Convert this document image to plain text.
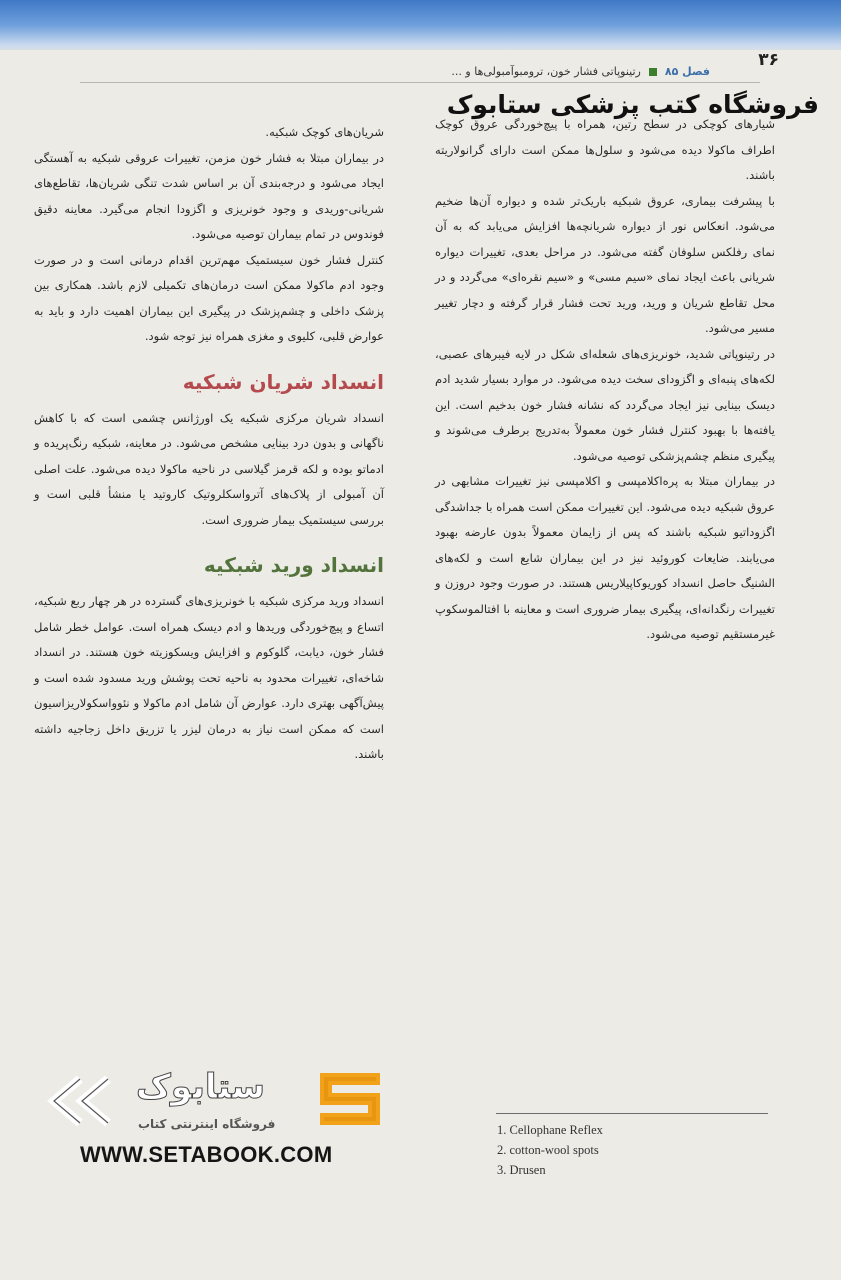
۳۶
فصل ۸۵
رتینوپاتی فشار خون، ترومبوآمبولی‌ها و ...
فروشگاه کتب پزشکی ستابوک

شیارهای کوچکی در سطح رتین، همراه با پیچ‌خوردگی عروق کوچک اطراف ماکولا دیده می‌شود و سلول‌ها ممکن است دارای گرانولاریته باشند.

با پیشرفت بیماری، عروق شبکیه باریک‌تر شده و دیواره آن‌ها ضخیم می‌شود. انعکاس نور از دیواره شریانچه‌ها افزایش می‌یابد که به آن نمای رفلکس سلوفان گفته می‌شود. در مراحل بعدی، تغییرات دیواره شریانی باعث ایجاد نمای «سیم مسی» و «سیم نقره‌ای» می‌گردد و در محل تقاطع شریان و ورید، ورید تحت فشار قرار گرفته و دچار تغییر مسیر می‌شود.

در رتینوپاتی شدید، خونریزی‌های شعله‌ای شکل در لایه فیبرهای عصبی، لکه‌های پنبه‌ای و اگزودای سخت دیده می‌شود. در موارد بسیار شدید ادم دیسک بینایی نیز ایجاد می‌گردد که نشانه فشار خون بدخیم است. این یافته‌ها با بهبود کنترل فشار خون معمولاً به‌تدریج برطرف می‌شوند و پیگیری منظم چشم‌پزشکی توصیه می‌شود.

در بیماران مبتلا به پره‌اکلامپسی و اکلامپسی نیز تغییرات مشابهی در عروق شبکیه دیده می‌شود. این تغییرات ممکن است همراه با جداشدگی اگزوداتیو شبکیه باشند که پس از زایمان معمولاً بدون عارضه بهبود می‌یابند. ضایعات کوروئید نیز در این بیماران شایع است و لکه‌های الشنیگ حاصل انسداد کوریوکاپیلاریس هستند. در صورت وجود دروزن و تغییرات رنگدانه‌ای، پیگیری بیمار ضروری است و معاینه با افتالموسکوپ غیرمستقیم توصیه می‌شود.

شریان‌های کوچک شبکیه.

در بیماران مبتلا به فشار خون مزمن، تغییرات عروقی شبکیه به آهستگی ایجاد می‌شود و درجه‌بندی آن بر اساس شدت تنگی شریان‌ها، تقاطع‌های شریانی-وریدی و وجود خونریزی و اگزودا انجام می‌گیرد. معاینه دقیق فوندوس در تمام بیماران توصیه می‌شود.

کنترل فشار خون سیستمیک مهم‌ترین اقدام درمانی است و در صورت وجود ادم ماکولا ممکن است درمان‌های تکمیلی لازم باشد. همکاری بین پزشک داخلی و چشم‌پزشک در پیگیری این بیماران اهمیت دارد و باید به عوارض قلبی، کلیوی و مغزی همراه نیز توجه شود.

انسداد شریان شبکیه

انسداد شریان مرکزی شبکیه یک اورژانس چشمی است که با کاهش ناگهانی و بدون درد بینایی مشخص می‌شود. در معاینه، شبکیه رنگ‌پریده و ادماتو بوده و لکه قرمز گیلاسی در ناحیه ماکولا دیده می‌شود. علت اصلی آن آمبولی از پلاک‌های آترواسکلروتیک کاروتید یا منشأ قلبی است و بررسی سیستمیک بیمار ضروری است.

انسداد ورید شبکیه

انسداد ورید مرکزی شبکیه با خونریزی‌های گسترده در هر چهار ربع شبکیه، اتساع و پیچ‌خوردگی وریدها و ادم دیسک همراه است. عوامل خطر شامل فشار خون، دیابت، گلوکوم و افزایش ویسکوزیته خون هستند. در انسداد شاخه‌ای، تغییرات محدود به ناحیه تحت پوشش ورید مسدود شده است و پیش‌آگهی بهتری دارد. عوارض آن شامل ادم ماکولا و نئوواسکولاریزاسیون است که ممکن است نیاز به درمان لیزر یا تزریق داخل زجاجیه داشته باشند.

1. Cellophane Reflex
2. cotton-wool spots
3. Drusen
ستابوک
فروشگاه اینترنتی کتاب
WWW.SETABOOK.COM
